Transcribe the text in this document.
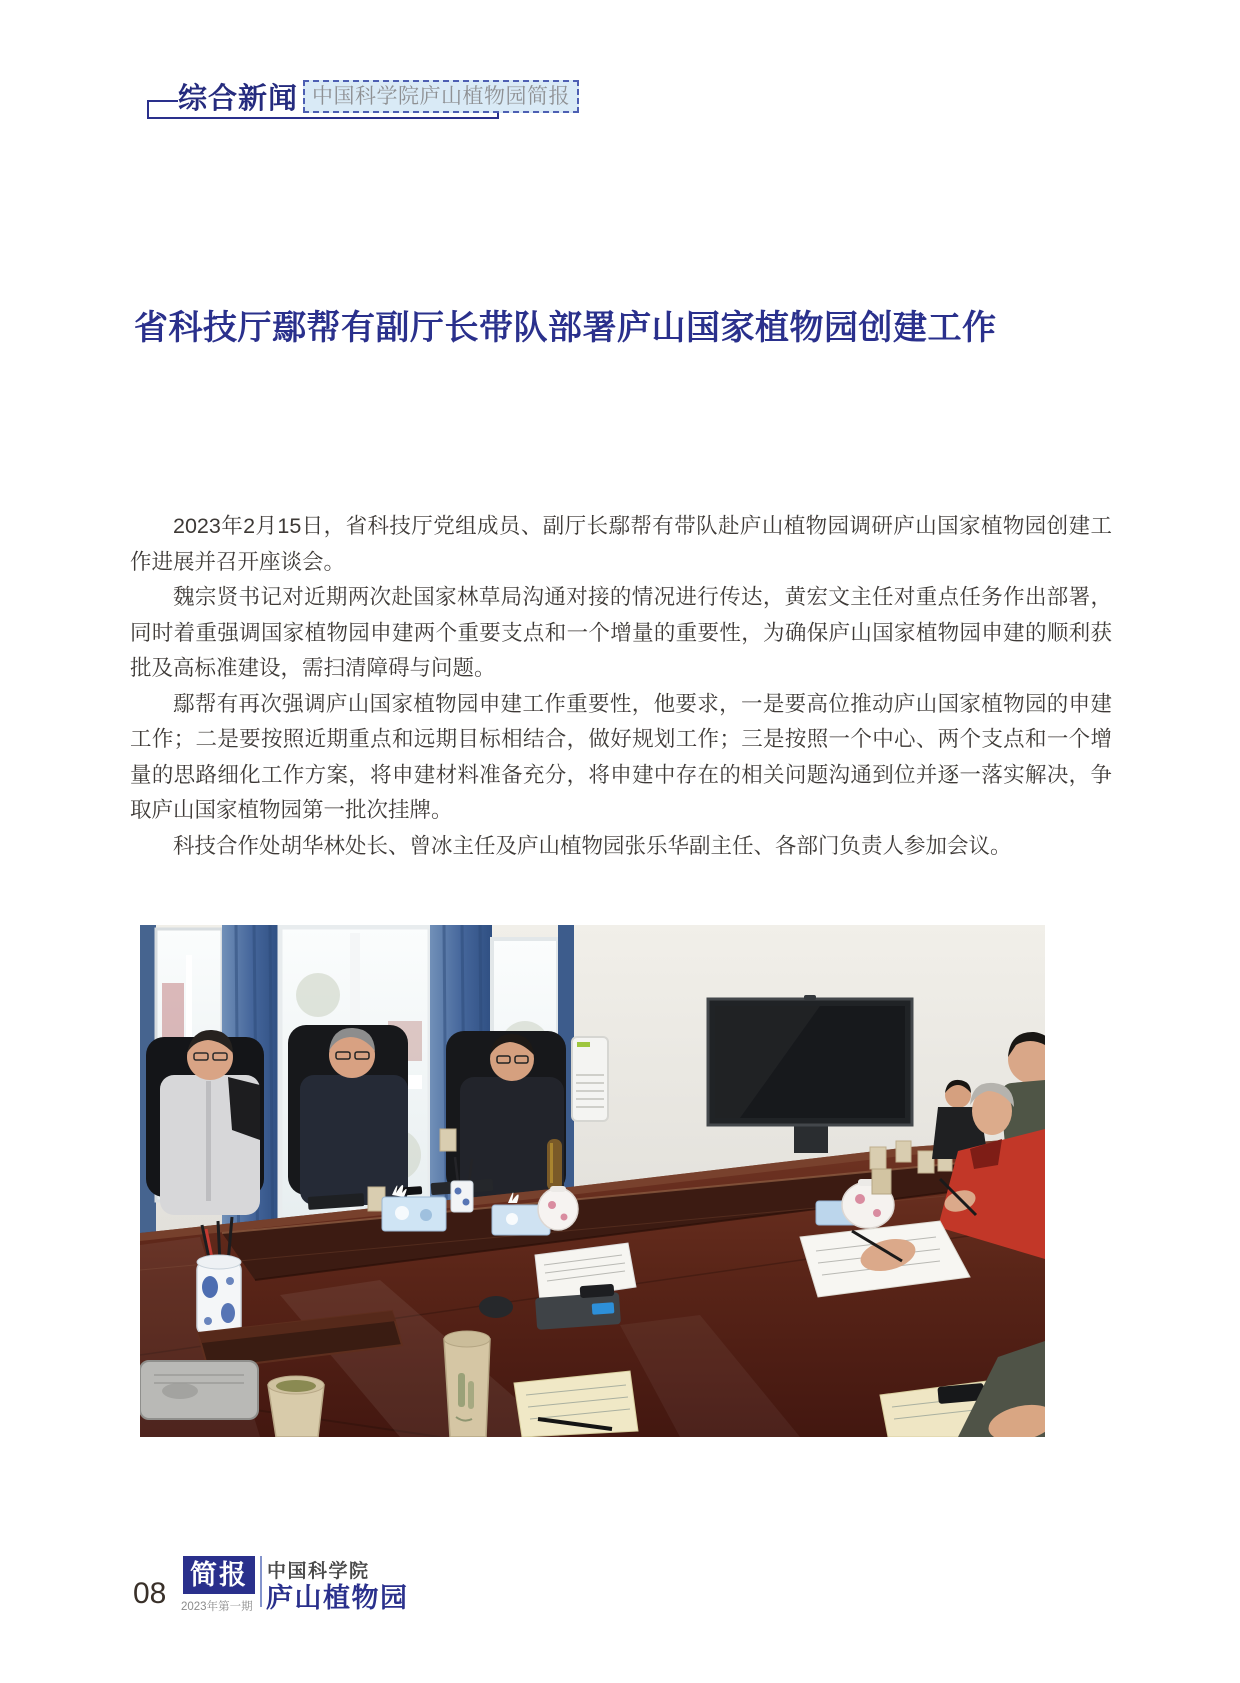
综合新闻 中国科学院庐山植物园简报
省科技厅鄢帮有副厅长带队部署庐山国家植物园创建工作

2023年2月15日，省科技厅党组成员、副厅长鄢帮有带队赴庐山植物园调研庐山国家植物园创建工作进展并召开座谈会。

魏宗贤书记对近期两次赴国家林草局沟通对接的情况进行传达，黄宏文主任对重点任务作出部署，同时着重强调国家植物园申建两个重要支点和一个增量的重要性，为确保庐山国家植物园申建的顺利获批及高标准建设，需扫清障碍与问题。

鄢帮有再次强调庐山国家植物园申建工作重要性，他要求，一是要高位推动庐山国家植物园的申建工作；二是要按照近期重点和远期目标相结合，做好规划工作；三是按照一个中心、两个支点和一个增量的思路细化工作方案，将申建材料准备充分，将申建中存在的相关问题沟通到位并逐一落实解决，争取庐山国家植物园第一批次挂牌。

科技合作处胡华林处长、曾冰主任及庐山植物园张乐华副主任、各部门负责人参加会议。

08
简报
2023年第一期
中国科学院
庐山植物园
